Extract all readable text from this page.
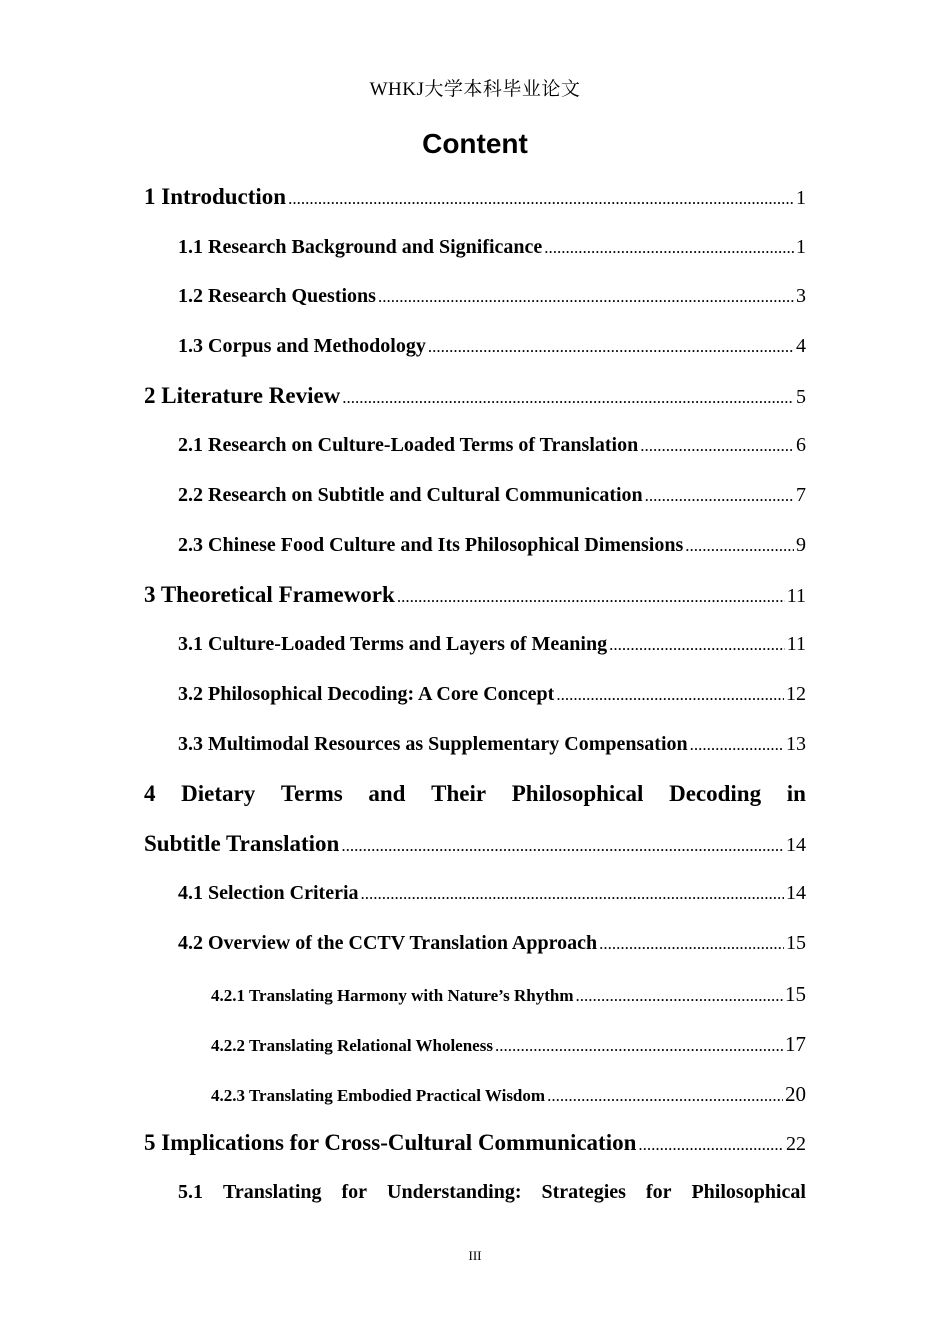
WHKJ大学本科毕业论文
Content
1 Introduction .....	1
1.1 Research Background and Significance .....	1
1.2 Research Questions .....	3
1.3 Corpus and Methodology .....	4
2 Literature Review .....	5
2.1 Research on Culture-Loaded Terms of Translation .....	6
2.2 Research on Subtitle and Cultural Communication .....	7
2.3 Chinese Food Culture and Its Philosophical Dimensions .....	9
3 Theoretical Framework .....	11
3.1 Culture-Loaded Terms and Layers of Meaning .....	11
3.2 Philosophical Decoding: A Core Concept .....	12
3.3 Multimodal Resources as Supplementary Compensation .....	13
4 Dietary Terms and Their Philosophical Decoding in
Subtitle Translation .....	14
4.1 Selection Criteria .....	14
4.2 Overview of the CCTV Translation Approach .....	15
4.2.1 Translating Harmony with Nature’s Rhythm .....	15
4.2.2 Translating Relational Wholeness .....	17
4.2.3 Translating Embodied Practical Wisdom .....	20
5 Implications for Cross-Cultural Communication .....	22
5.1 Translating for Understanding: Strategies for Philosophical
III
